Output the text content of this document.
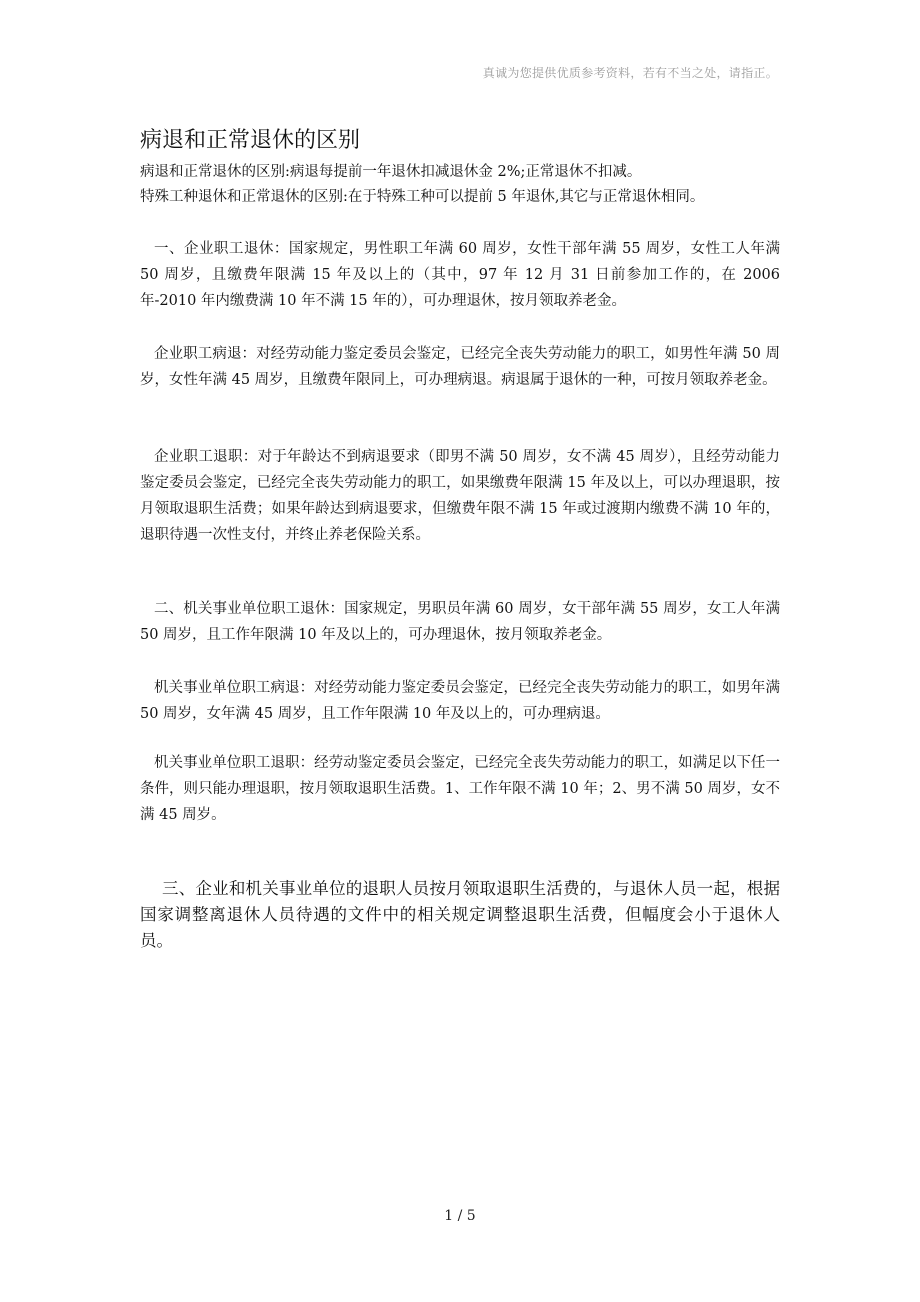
真诚为您提供优质参考资料，若有不当之处，请指正。
病退和正常退休的区别

病退和正常退休的区别:病退每提前一年退休扣减退休金 2%;正常退休不扣减。

特殊工种退休和正常退休的区别:在于特殊工种可以提前 5 年退休,其它与正常退休相同。

一、企业职工退休：国家规定，男性职工年满 60 周岁，女性干部年满 55 周岁，女性工人年满 50 周岁，且缴费年限满 15 年及以上的（其中，97 年 12 月 31 日前参加工作的，在 2006 年-2010 年内缴费满 10 年不满 15 年的），可办理退休，按月领取养老金。

企业职工病退：对经劳动能力鉴定委员会鉴定，已经完全丧失劳动能力的职工，如男性年满 50 周岁，女性年满 45 周岁，且缴费年限同上，可办理病退。病退属于退休的一种，可按月领取养老金。

企业职工退职：对于年龄达不到病退要求（即男不满 50 周岁，女不满 45 周岁），且经劳动能力鉴定委员会鉴定，已经完全丧失劳动能力的职工，如果缴费年限满 15 年及以上，可以办理退职，按月领取退职生活费；如果年龄达到病退要求，但缴费年限不满 15 年或过渡期内缴费不满 10 年的，退职待遇一次性支付，并终止养老保险关系。

二、机关事业单位职工退休：国家规定，男职员年满 60 周岁，女干部年满 55 周岁，女工人年满 50 周岁，且工作年限满 10 年及以上的，可办理退休，按月领取养老金。

机关事业单位职工病退：对经劳动能力鉴定委员会鉴定，已经完全丧失劳动能力的职工，如男年满 50 周岁，女年满 45 周岁，且工作年限满 10 年及以上的，可办理病退。

机关事业单位职工退职：经劳动鉴定委员会鉴定，已经完全丧失劳动能力的职工，如满足以下任一条件，则只能办理退职，按月领取退职生活费。1、工作年限不满 10 年；2、男不满 50 周岁，女不满 45 周岁。

三、企业和机关事业单位的退职人员按月领取退职生活费的，与退休人员一起，根据国家调整离退休人员待遇的文件中的相关规定调整退职生活费，但幅度会小于退休人员。

1 / 5
